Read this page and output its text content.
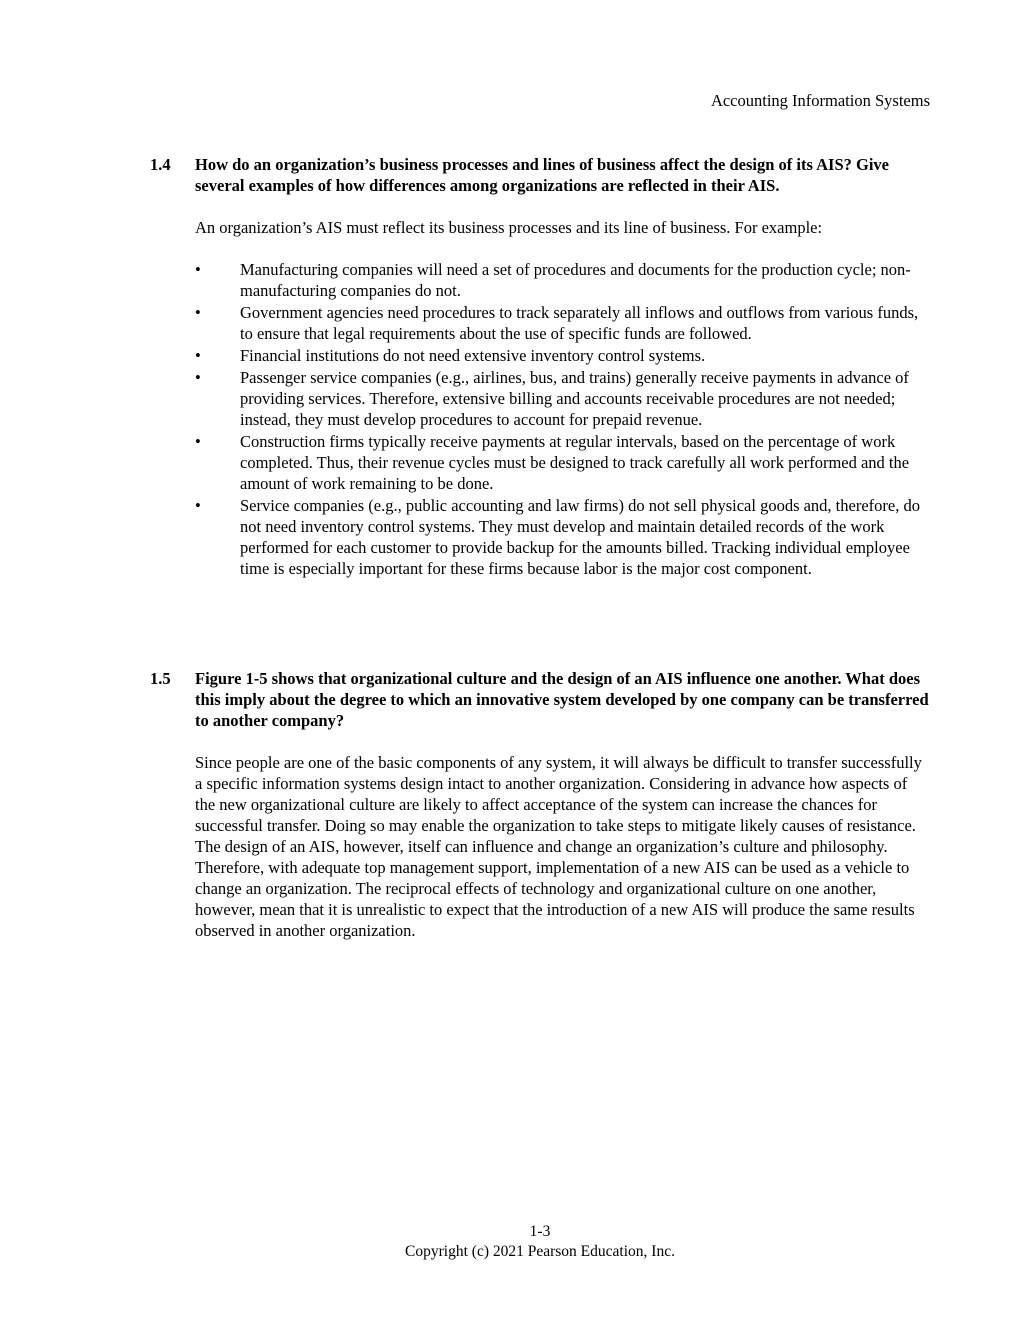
Accounting Information Systems
1.4	How do an organization’s business processes and lines of business affect the design of its AIS? Give several examples of how differences among organizations are reflected in their AIS.
An organization’s AIS must reflect its business processes and its line of business. For example:
•	Manufacturing companies will need a set of procedures and documents for the production cycle; non-manufacturing companies do not.
•	Government agencies need procedures to track separately all inflows and outflows from various funds, to ensure that legal requirements about the use of specific funds are followed.
•	Financial institutions do not need extensive inventory control systems.
•	Passenger service companies (e.g., airlines, bus, and trains) generally receive payments in advance of providing services. Therefore, extensive billing and accounts receivable procedures are not needed; instead, they must develop procedures to account for prepaid revenue.
•	Construction firms typically receive payments at regular intervals, based on the percentage of work completed. Thus, their revenue cycles must be designed to track carefully all work performed and the amount of work remaining to be done.
•	Service companies (e.g., public accounting and law firms) do not sell physical goods and, therefore, do not need inventory control systems. They must develop and maintain detailed records of the work performed for each customer to provide backup for the amounts billed. Tracking individual employee time is especially important for these firms because labor is the major cost component.
1.5	Figure 1-5 shows that organizational culture and the design of an AIS influence one another. What does this imply about the degree to which an innovative system developed by one company can be transferred to another company?
Since people are one of the basic components of any system, it will always be difficult to transfer successfully a specific information systems design intact to another organization. Considering in advance how aspects of the new organizational culture are likely to affect acceptance of the system can increase the chances for successful transfer. Doing so may enable the organization to take steps to mitigate likely causes of resistance. The design of an AIS, however, itself can influence and change an organization’s culture and philosophy. Therefore, with adequate top management support, implementation of a new AIS can be used as a vehicle to change an organization. The reciprocal effects of technology and organizational culture on one another, however, mean that it is unrealistic to expect that the introduction of a new AIS will produce the same results observed in another organization.
1-3
Copyright (c) 2021 Pearson Education, Inc.
